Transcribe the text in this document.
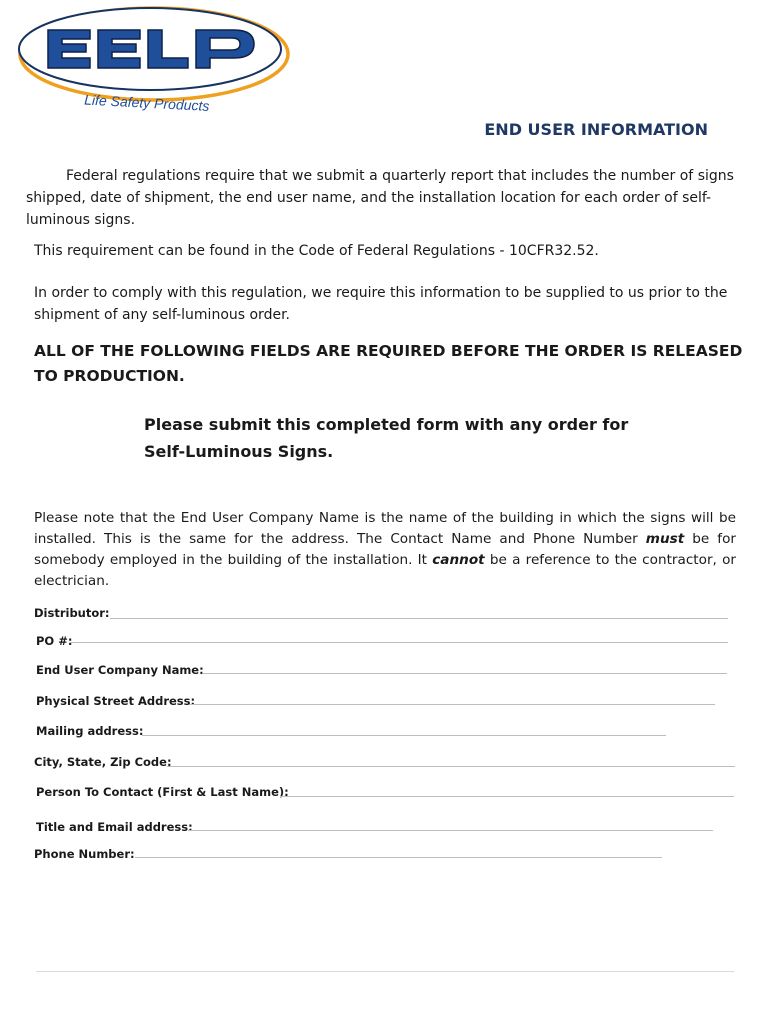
Life Safety Products
END USER INFORMATION
Federal regulations require that we submit a quarterly report that includes the number of signs shipped, date of shipment, the end user name, and the installation location for each order of self-luminous signs.
This requirement can be found in the Code of Federal Regulations - 10CFR32.52.
In order to comply with this regulation, we require this information to be supplied to us prior to the shipment of any self-luminous order.
ALL OF THE FOLLOWING FIELDS ARE REQUIRED BEFORE THE ORDER IS RELEASED TO PRODUCTION.
Please submit this completed form with any order for Self-Luminous Signs.
Please note that the End User Company Name is the name of the building in which the signs will be installed. This is the same for the address. The Contact Name and Phone Number must be for somebody employed in the building of the installation. It cannot be a reference to the contractor, or electrician.
Distributor:
PO #:
End User Company Name:
Physical Street Address:
Mailing address:
City, State, Zip Code:
Person To Contact (First & Last Name):
Title and Email address:
Phone Number:
